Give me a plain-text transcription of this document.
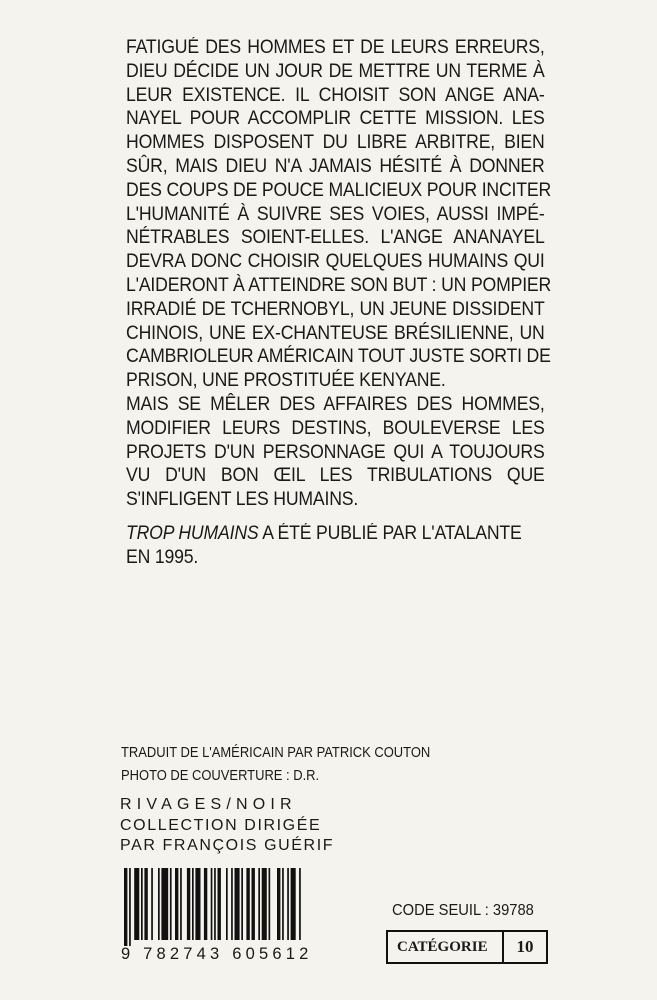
FATIGUÉ DES HOMMES ET DE LEURS ERREURS,
DIEU DÉCIDE UN JOUR DE METTRE UN TERME À
LEUR EXISTENCE. IL CHOISIT SON ANGE ANA-
NAYEL POUR ACCOMPLIR CETTE MISSION. LES
HOMMES DISPOSENT DU LIBRE ARBITRE, BIEN
SÛR, MAIS DIEU N'A JAMAIS HÉSITÉ À DONNER
DES COUPS DE POUCE MALICIEUX POUR INCITER
L'HUMANITÉ À SUIVRE SES VOIES, AUSSI IMPÉ-
NÉTRABLES SOIENT-ELLES. L'ANGE ANANAYEL
DEVRA DONC CHOISIR QUELQUES HUMAINS QUI
L'AIDERONT À ATTEINDRE SON BUT : UN POMPIER
IRRADIÉ DE TCHERNOBYL, UN JEUNE DISSIDENT
CHINOIS, UNE EX-CHANTEUSE BRÉSILIENNE, UN
CAMBRIOLEUR AMÉRICAIN TOUT JUSTE SORTI DE
PRISON, UNE PROSTITUÉE KENYANE.
MAIS SE MÊLER DES AFFAIRES DES HOMMES,
MODIFIER LEURS DESTINS, BOULEVERSE LES
PROJETS D'UN PERSONNAGE QUI A TOUJOURS
VU D'UN BON ŒIL LES TRIBULATIONS QUE
S'INFLIGENT LES HUMAINS.
TROP HUMAINS A ÉTÉ PUBLIÉ PAR L'ATALANTE
EN 1995.
TRADUIT DE L'AMÉRICAIN PAR PATRICK COUTON
PHOTO DE COUVERTURE : D.R.
RIVAGES/NOIR
COLLECTION DIRIGÉE
PAR FRANÇOIS GUÉRIF
9 782743 605612
CODE SEUIL : 39788
CATÉGORIE	10
